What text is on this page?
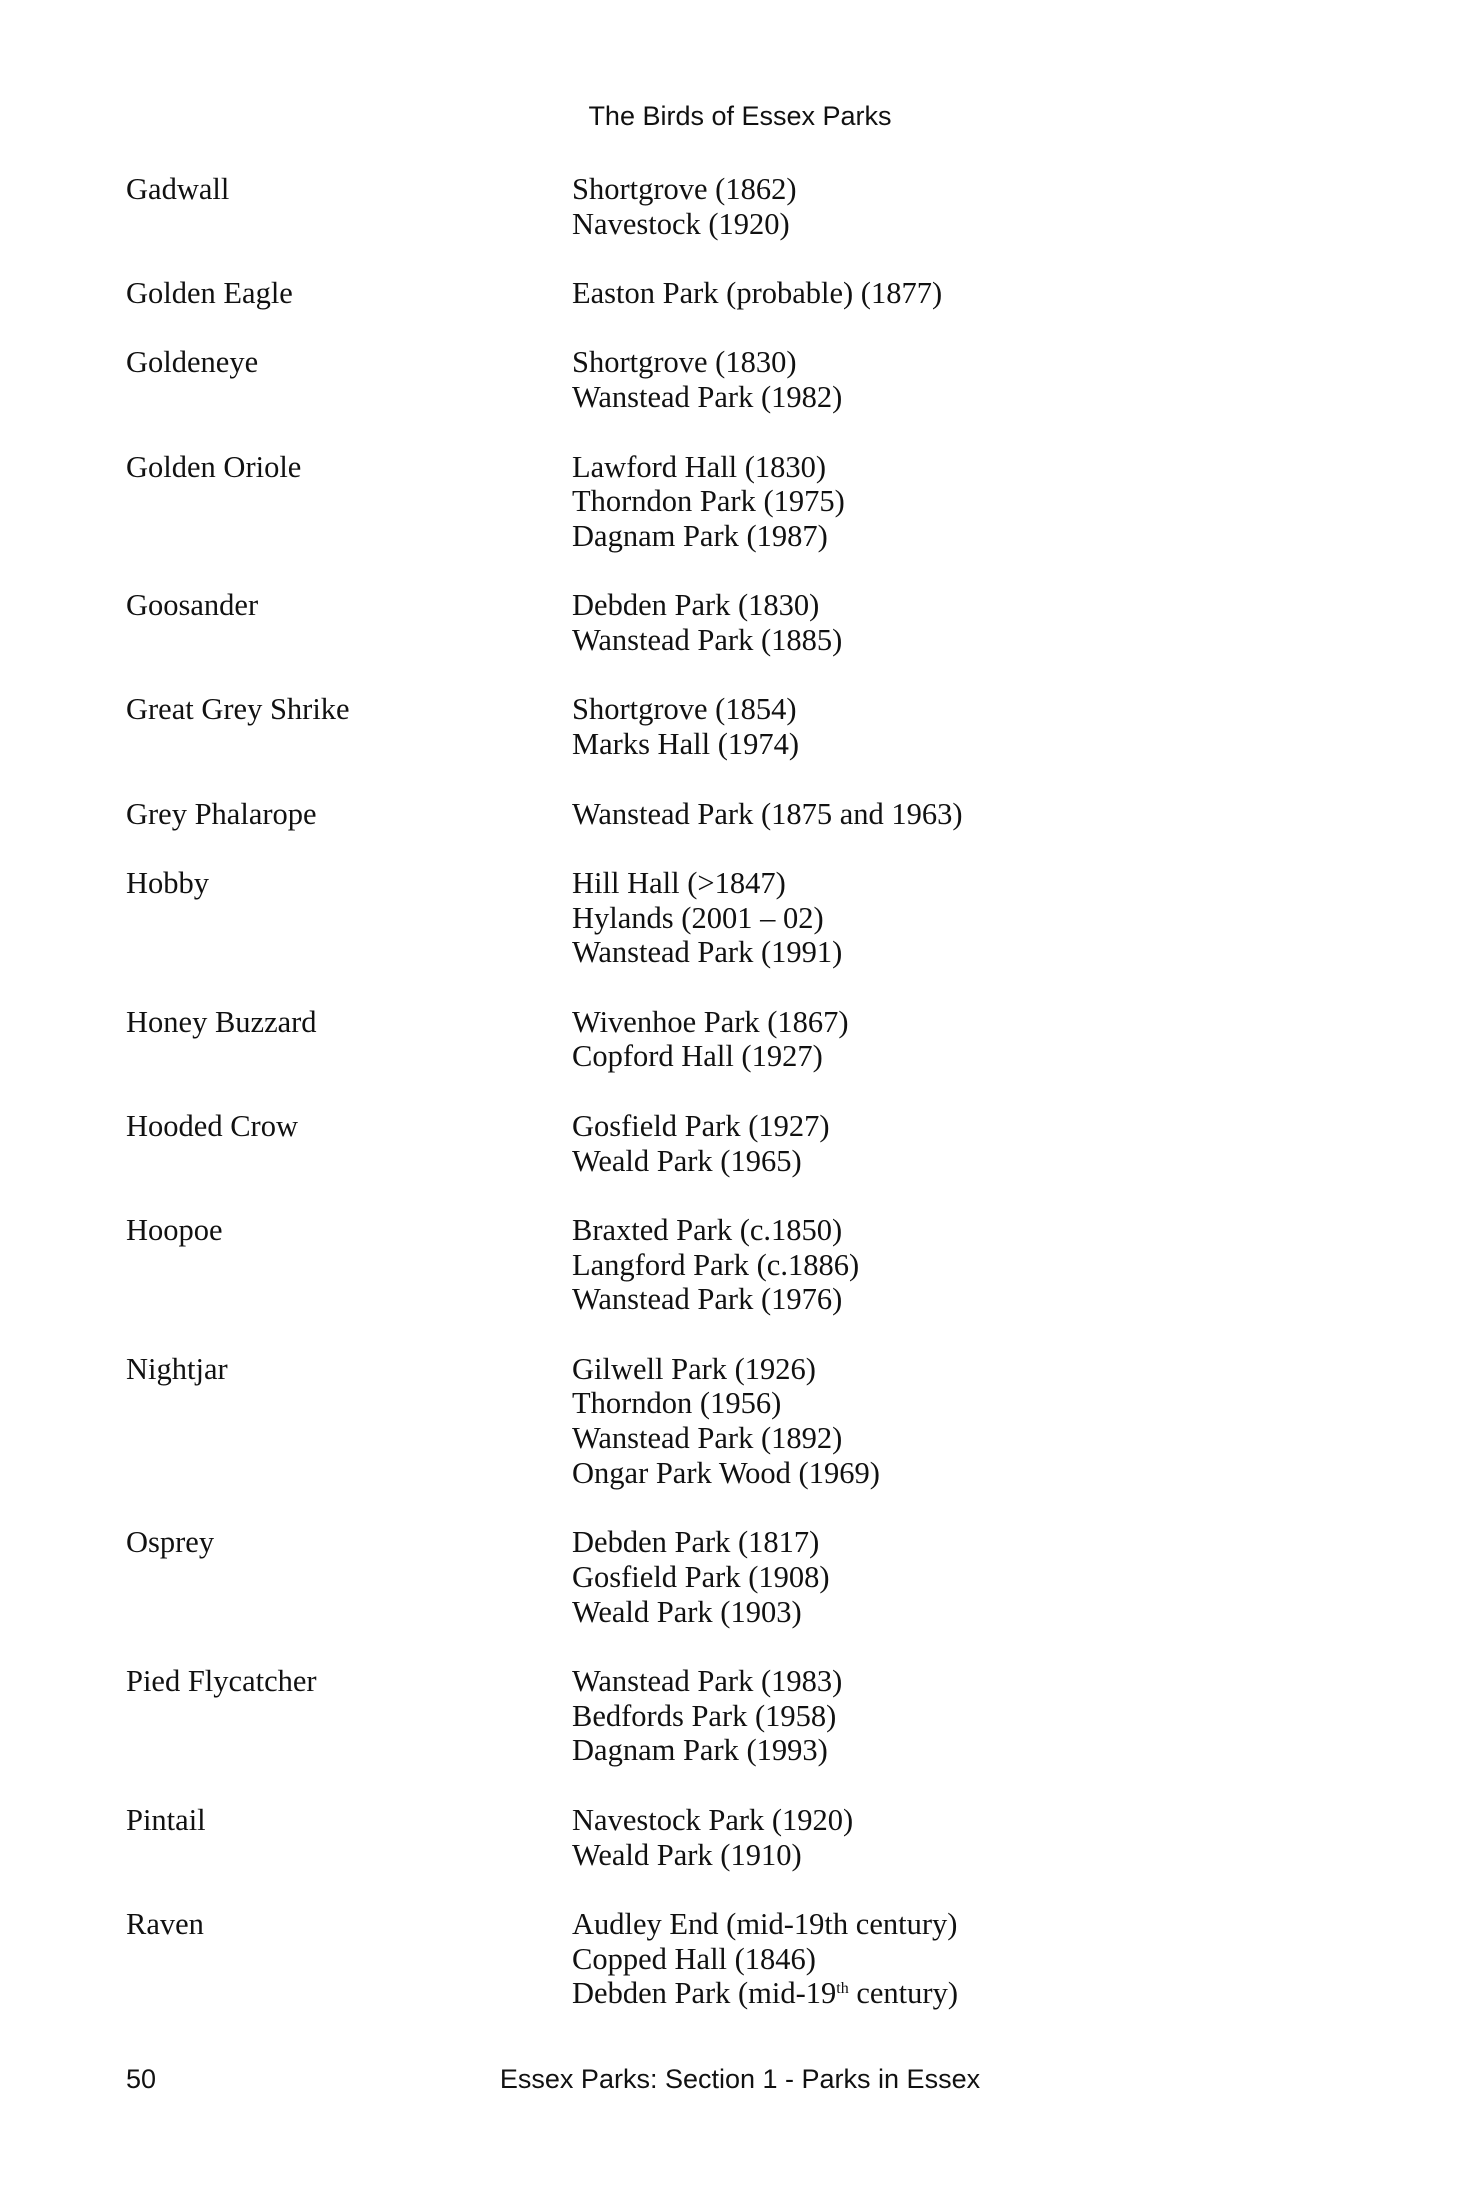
The Birds of Essex Parks
Gadwall	Shortgrove (1862)
Navestock (1920)
Golden Eagle	Easton Park (probable) (1877)
Goldeneye	Shortgrove (1830)
Wanstead Park (1982)
Golden Oriole	Lawford Hall (1830)
Thorndon Park (1975)
Dagnam Park (1987)
Goosander	Debden Park (1830)
Wanstead Park (1885)
Great Grey Shrike	Shortgrove (1854)
Marks Hall (1974)
Grey Phalarope	Wanstead Park (1875 and 1963)
Hobby	Hill Hall (>1847)
Hylands (2001 – 02)
Wanstead Park (1991)
Honey Buzzard	Wivenhoe Park (1867)
Copford Hall (1927)
Hooded Crow	Gosfield Park (1927)
Weald Park (1965)
Hoopoe	Braxted Park (c.1850)
Langford Park (c.1886)
Wanstead Park (1976)
Nightjar	Gilwell Park (1926)
Thorndon (1956)
Wanstead Park (1892)
Ongar Park Wood (1969)
Osprey	Debden Park (1817)
Gosfield Park (1908)
Weald Park (1903)
Pied Flycatcher	Wanstead Park (1983)
Bedfords Park (1958)
Dagnam Park (1993)
Pintail	Navestock Park (1920)
Weald Park (1910)
Raven	Audley End (mid-19th century)
Copped Hall (1846)
Debden Park (mid-19th century)
50	Essex Parks: Section 1 - Parks in Essex
